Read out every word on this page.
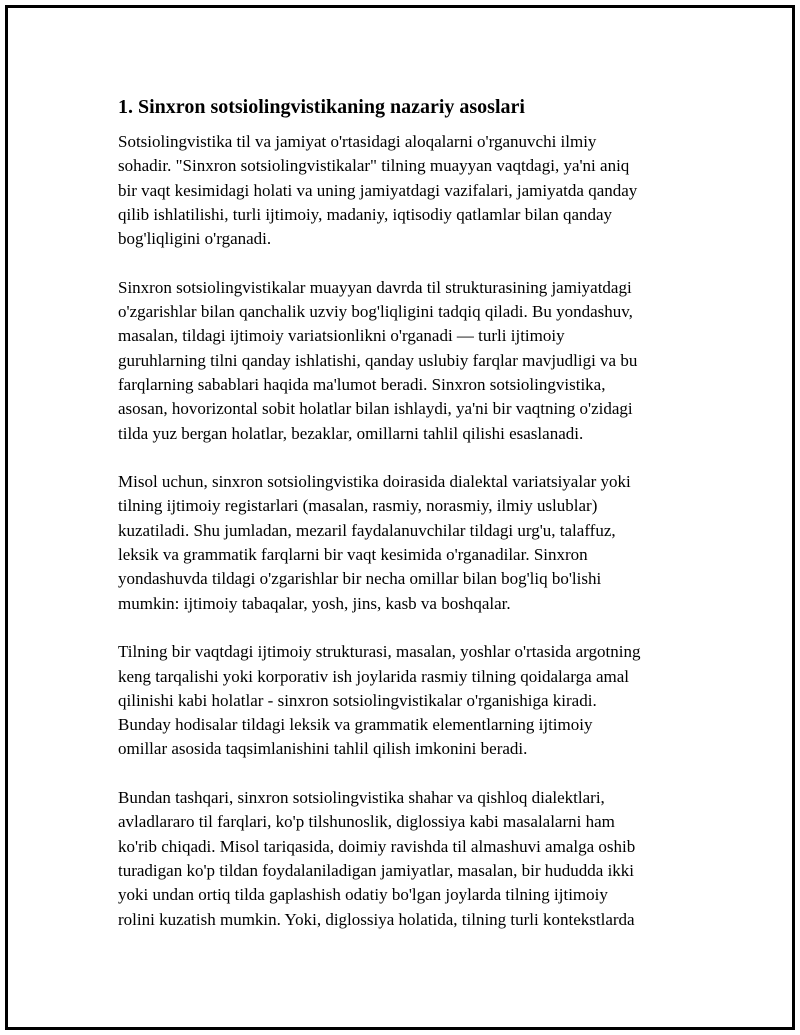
1. Sinxron sotsiolingvistikaning nazariy asoslari

Sotsiolingvistika til va jamiyat o'rtasidagi aloqalarni o'rganuvchi ilmiy
sohadir. "Sinxron sotsiolingvistikalar" tilning muayyan vaqtdagi, ya'ni aniq
bir vaqt kesimidagi holati va uning jamiyatdagi vazifalari, jamiyatda qanday
qilib ishlatilishi, turli ijtimoiy, madaniy, iqtisodiy qatlamlar bilan qanday
bog'liqligini o'rganadi.

Sinxron sotsiolingvistikalar muayyan davrda til strukturasining jamiyatdagi
o'zgarishlar bilan qanchalik uzviy bog'liqligini tadqiq qiladi. Bu yondashuv,
masalan, tildagi ijtimoiy variatsionlikni o'rganadi — turli ijtimoiy
guruhlarning tilni qanday ishlatishi, qanday uslubiy farqlar mavjudligi va bu
farqlarning sabablari haqida ma'lumot beradi. Sinxron sotsiolingvistika,
asosan, hovorizontal sobit holatlar bilan ishlaydi, ya'ni bir vaqtning o'zidagi
tilda yuz bergan holatlar, bezaklar, omillarni tahlil qilishi esaslanadi.

Misol uchun, sinxron sotsiolingvistika doirasida dialektal variatsiyalar yoki
tilning ijtimoiy registarlari (masalan, rasmiy, norasmiy, ilmiy uslublar)
kuzatiladi. Shu jumladan, mezaril faydalanuvchilar tildagi urg'u, talaffuz,
leksik va grammatik farqlarni bir vaqt kesimida o'rganadilar. Sinxron
yondashuvda tildagi o'zgarishlar bir necha omillar bilan bog'liq bo'lishi
mumkin: ijtimoiy tabaqalar, yosh, jins, kasb va boshqalar.

Tilning bir vaqtdagi ijtimoiy strukturasi, masalan, yoshlar o'rtasida argotning
keng tarqalishi yoki korporativ ish joylarida rasmiy tilning qoidalarga amal
qilinishi kabi holatlar - sinxron sotsiolingvistikalar o'rganishiga kiradi.
Bunday hodisalar tildagi leksik va grammatik elementlarning ijtimoiy
omillar asosida taqsimlanishini tahlil qilish imkonini beradi.

Bundan tashqari, sinxron sotsiolingvistika shahar va qishloq dialektlari,
avladlararo til farqlari, ko'p tilshunoslik, diglossiya kabi masalalarni ham
ko'rib chiqadi. Misol tariqasida, doimiy ravishda til almashuvi amalga oshib
turadigan ko'p tildan foydalaniladigan jamiyatlar, masalan, bir hududda ikki
yoki undan ortiq tilda gaplashish odatiy bo'lgan joylarda tilning ijtimoiy
rolini kuzatish mumkin. Yoki, diglossiya holatida, tilning turli kontekstlarda
